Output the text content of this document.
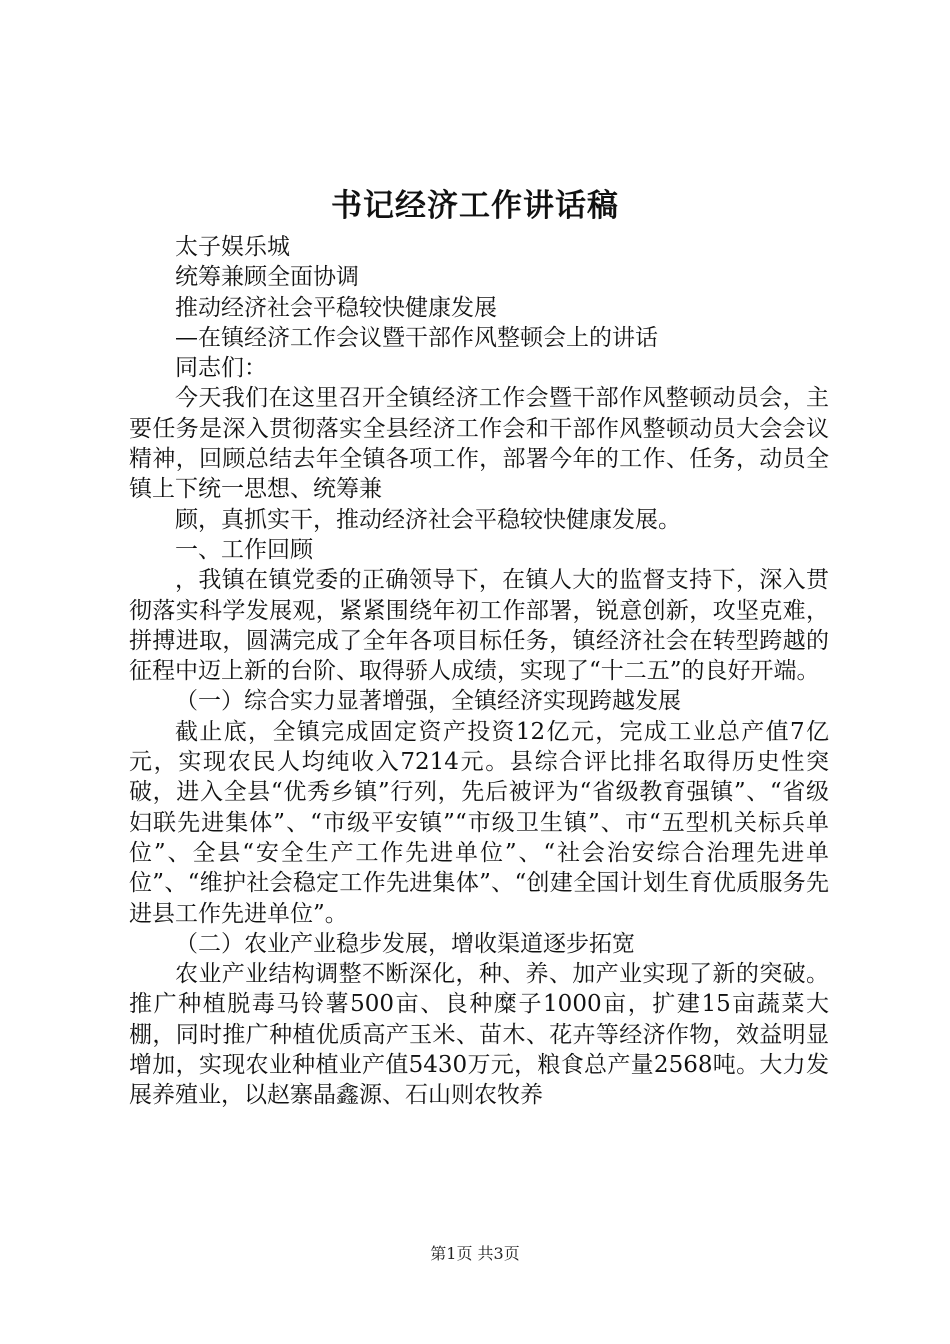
书记经济工作讲话稿

太子娱乐城

统筹兼顾全面协调

推动经济社会平稳较快健康发展

—在镇经济工作会议暨干部作风整顿会上的讲话

同志们：

今天我们在这里召开全镇经济工作会暨干部作风整顿动员会，主要任务是深入贯彻落实全县经济工作会和干部作风整顿动员大会会议精神，回顾总结去年全镇各项工作，部署今年的工作、任务，动员全镇上下统一思想、统筹兼

顾，真抓实干，推动经济社会平稳较快健康发展。

一、工作回顾

，我镇在镇党委的正确领导下，在镇人大的监督支持下，深入贯彻落实科学发展观，紧紧围绕年初工作部署，锐意创新，攻坚克难，拼搏进取，圆满完成了全年各项目标任务，镇经济社会在转型跨越的征程中迈上新的台阶、取得骄人成绩，实现了“十二五”的良好开端。

（一）综合实力显著增强，全镇经济实现跨越发展

截止底，全镇完成固定资产投资12亿元，完成工业总产值7亿元，实现农民人均纯收入7214元。县综合评比排名取得历史性突破，进入全县“优秀乡镇”行列，先后被评为“省级教育强镇”、“省级妇联先进集体”、“市级平安镇”“市级卫生镇”、市“五型机关标兵单位”、全县“安全生产工作先进单位”、“社会治安综合治理先进单位”、“维护社会稳定工作先进集体”、“创建全国计划生育优质服务先进县工作先进单位”。

（二）农业产业稳步发展，增收渠道逐步拓宽

农业产业结构调整不断深化，种、养、加产业实现了新的突破。推广种植脱毒马铃薯500亩、良种糜子1000亩，扩建15亩蔬菜大棚，同时推广种植优质高产玉米、苗木、花卉等经济作物，效益明显增加，实现农业种植业产值5430万元，粮食总产量2568吨。大力发展养殖业，以赵寨晶鑫源、石山则农牧养

第1页 共3页
